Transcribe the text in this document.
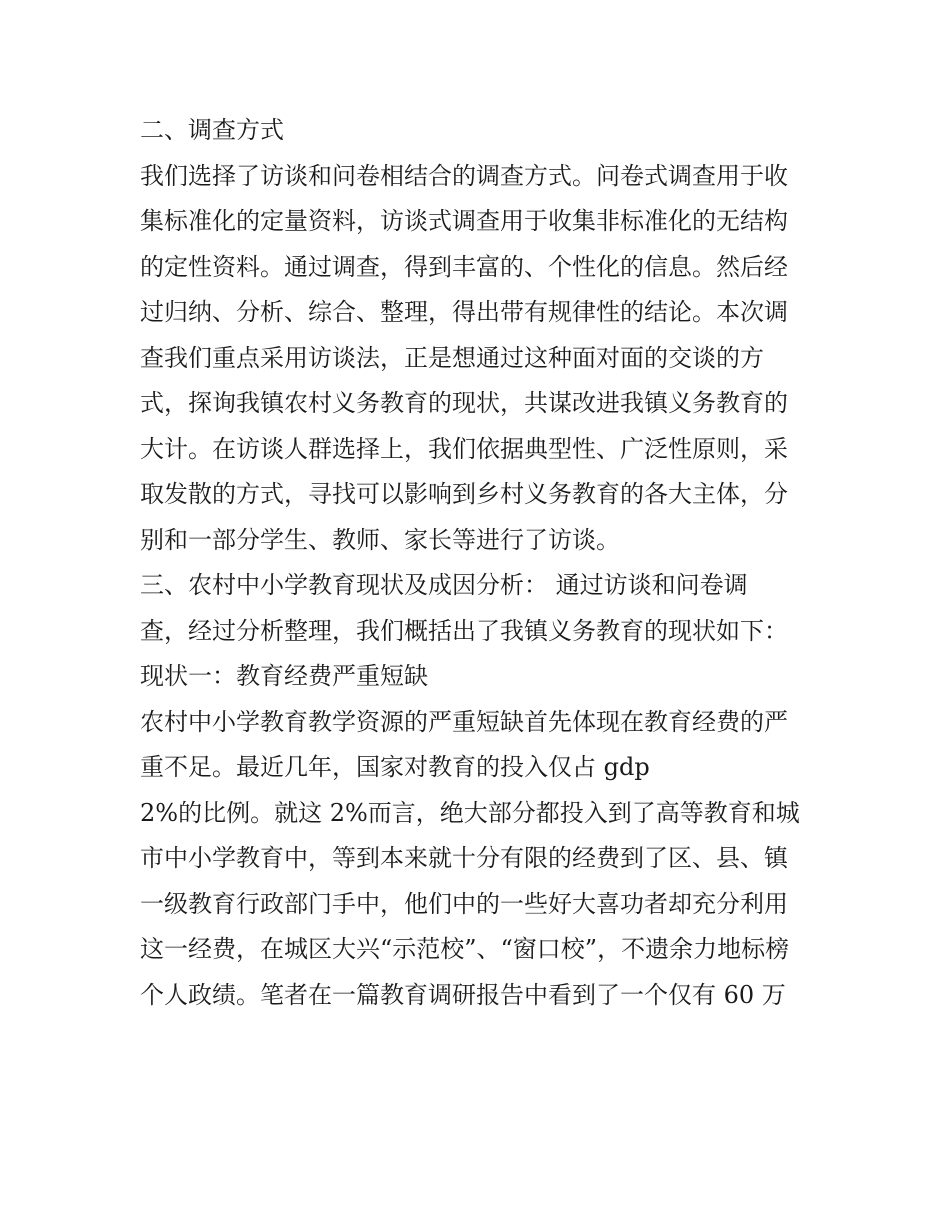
二、调查方式
我们选择了访谈和问卷相结合的调查方式。问卷式调查用于收
集标准化的定量资料，访谈式调查用于收集非标准化的无结构
的定性资料。通过调查，得到丰富的、个性化的信息。然后经
过归纳、分析、综合、整理，得出带有规律性的结论。本次调
查我们重点采用访谈法，正是想通过这种面对面的交谈的方
式，探询我镇农村义务教育的现状，共谋改进我镇义务教育的
大计。在访谈人群选择上，我们依据典型性、广泛性原则，采
取发散的方式，寻找可以影响到乡村义务教育的各大主体，分
别和一部分学生、教师、家长等进行了访谈。
三、农村中小学教育现状及成因分析： 通过访谈和问卷调
查，经过分析整理，我们概括出了我镇义务教育的现状如下：
现状一：教育经费严重短缺
农村中小学教育教学资源的严重短缺首先体现在教育经费的严
重不足。最近几年，国家对教育的投入仅占 gdp
2%的比例。就这 2%而言，绝大部分都投入到了高等教育和城
市中小学教育中，等到本来就十分有限的经费到了区、县、镇
一级教育行政部门手中，他们中的一些好大喜功者却充分利用
这一经费，在城区大兴“示范校”、“窗口校”，不遗余力地标榜
个人政绩。笔者在一篇教育调研报告中看到了一个仅有 60 万
